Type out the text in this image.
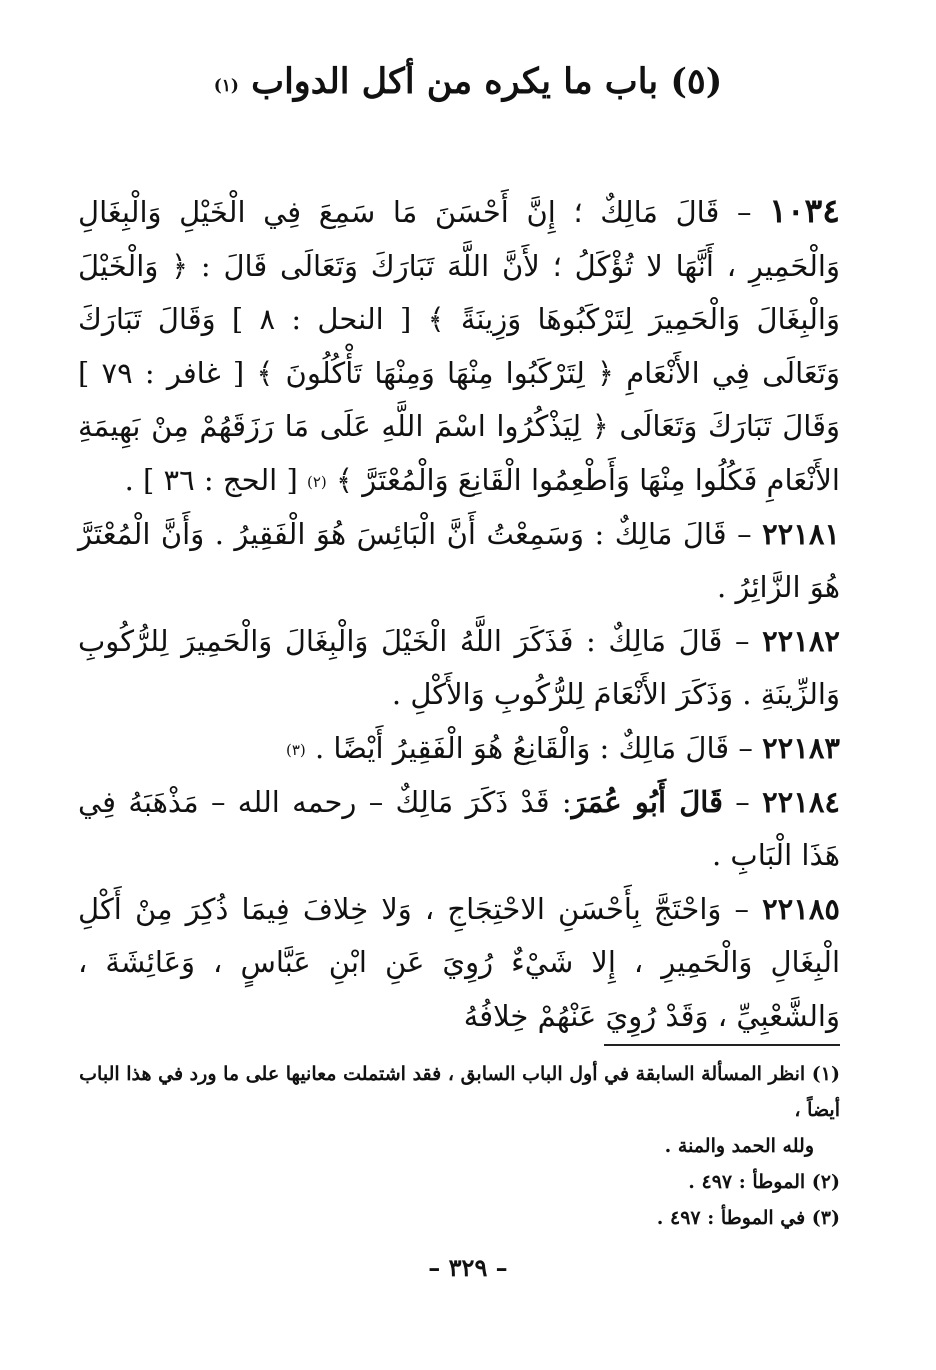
(٥) باب ما يكره من أكل الدواب $^{(١)}$

١٠٣٤ – قَالَ مَالِكٌ ؛ إِنَّ أَحْسَنَ مَا سَمِعَ فِي الْخَيْلِ وَالْبِغَالِ وَالْحَمِيرِ ، أَنَّهَا لا تُؤْكَلُ ؛ لأَنَّ اللَّهَ تَبَارَكَ وَتَعَالَى قَالَ : ﴿ وَالْخَيْلَ وَالْبِغَالَ وَالْحَمِيرَ لِتَرْكَبُوهَا وَزِينَةً ﴾ [ النحل : ٨ ] وَقَالَ تَبَارَكَ وَتَعَالَى فِي الأَنْعَامِ ﴿ لِتَرْكَبُوا مِنْهَا وَمِنْهَا تَأْكُلُونَ ﴾ [ غافر : ٧٩ ] وَقَالَ تَبَارَكَ وَتَعَالَى ﴿ لِيَذْكُرُوا اسْمَ اللَّهِ عَلَى مَا رَزَقَهُمْ مِنْ بَهِيمَةِ الأَنْعَامِ فَكُلُوا مِنْهَا وَأَطْعِمُوا الْقَانِعَ وَالْمُعْتَرَّ ﴾ $^{(٢)}$ [ الحج : ٣٦ ] .

٢٢١٨١ – قَالَ مَالِكٌ : وَسَمِعْتُ أَنَّ الْبَائِسَ هُوَ الْفَقِيرُ . وَأَنَّ الْمُعْتَرَّ هُوَ الزَّائِرُ .

٢٢١٨٢ – قَالَ مَالِكٌ : فَذَكَرَ اللَّهُ الْخَيْلَ وَالْبِغَالَ وَالْحَمِيرَ لِلرُّكُوبِ وَالزِّينَةِ . وَذَكَرَ الأَنْعَامَ لِلرُّكُوبِ وَالأَكْلِ .

٢٢١٨٣ – قَالَ مَالِكٌ : وَالْقَانِعُ هُوَ الْفَقِيرُ أَيْضًا . $^{(٣)}$

٢٢١٨٤ – قَالَ أَبُو عُمَرَ: قَدْ ذَكَرَ مَالِكٌ – رحمه الله – مَذْهَبَهُ فِي هَذَا الْبَابِ .

٢٢١٨٥ – وَاحْتَجَّ بِأَحْسَنِ الاحْتِجَاجِ ، وَلا خِلافَ فِيمَا ذُكِرَ مِنْ أَكْلِ الْبِغَالِ وَالْحَمِيرِ ، إِلا شَيْءٌ رُوِيَ عَنِ ابْنِ عَبَّاسٍ ، وَعَائِشَةَ ، وَالشَّعْبِيِّ ، وَقَدْ رُوِيَ عَنْهُمْ خِلافُهُ

(١) انظر المسألة السابقة في أول الباب السابق ، فقد اشتملت معانيها على ما ورد في هذا الباب أيضاً ،

ولله الحمد والمنة .

(٢) الموطأ : ٤٩٧ .

(٣) في الموطأ : ٤٩٧ .

– ٣٢٩ –
